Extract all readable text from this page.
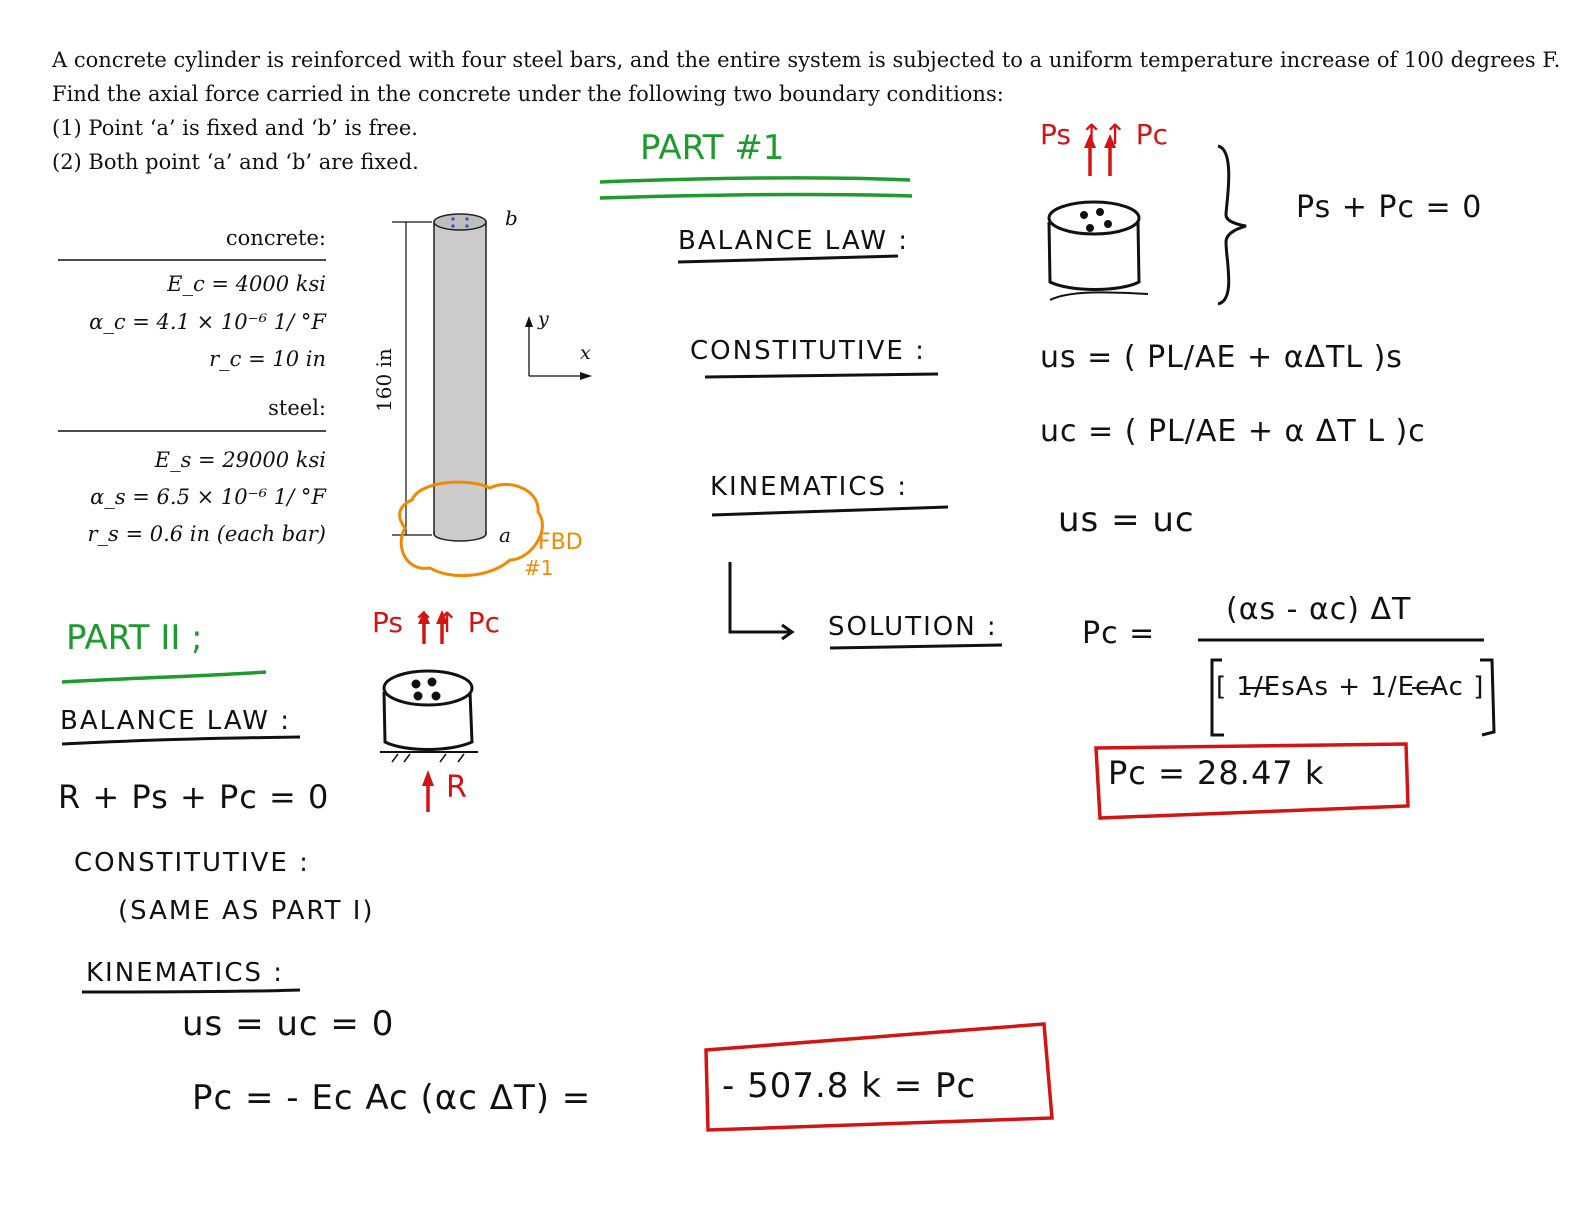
A concrete cylinder is reinforced with four steel bars, and the entire system is subjected to a uniform temperature increase of 100 degrees F.
Find the axial force carried in the concrete under the following two boundary conditions:
(1) Point ‘a’ is fixed and ‘b’ is free.
(2) Both point ‘a’ and ‘b’ are fixed.
concrete:
E_c = 4000 ksi
α_c = 4.1 × 10⁻⁶ 1/ °F
r_c = 10 in
steel:
E_s = 29000 ksi
α_s = 6.5 × 10⁻⁶ 1/ °F
r_s = 0.6 in (each bar)
160 in
b
a
y
x
FBD
#1
PART #1
BALANCE LAW :
CONSTITUTIVE :
KINEMATICS :
SOLUTION :
Ps ↑↑ Pc
Ps + Pc = 0
us = ( PL/AE + αΔTL )s
uc = ( PL/AE + α ΔT L )c
us = uc
Pc =
(αs - αc) ΔT
[ 1/EsAs + 1/EcAc ]
Pc = 28.47 k
PART II ;	Ps ↑↑ Pc
R
BALANCE LAW :
R + Ps + Pc = 0
CONSTITUTIVE :
(SAME AS PART I)
KINEMATICS :
us = uc = 0
Pc = - Ec Ac (αc ΔT) =	- 507.8 k = Pc
